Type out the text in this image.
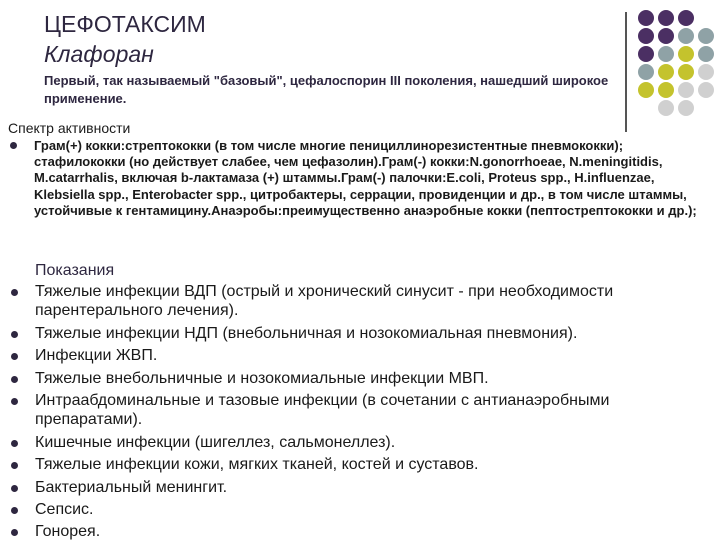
ЦЕФОТАКСИМ
Клафоран
Первый, так называемый "базовый", цефалоспорин III поколения, нашедший широкое применение.
Спектр активности
Грам(+) кокки:стрептококки (в том числе многие пенициллинорезистентные пневмококки); стафилококки (но действует слабее, чем цефазолин).Грам(-) кокки:N.gonorrhoeae, N.meningitidis, M.catarrhalis, включая b-лактамаза (+) штаммы.Грам(-) палочки:E.coli, Proteus spp., H.influenzae, Klebsiella spp., Enterobacter spp., цитробактеры, серрации, провиденции и др., в том числе штаммы, устойчивые к гентамицину.Анаэробы:преимущественно анаэробные кокки (пептострептококки и др.);
Показания
Тяжелые инфекции ВДП (острый и хронический синусит - при необходимости парентерального лечения).
Тяжелые инфекции НДП (внебольничная и нозокомиальная пневмония).
Инфекции ЖВП.
Тяжелые внебольничные и нозокомиальные инфекции МВП.
Интраабдоминальные и тазовые инфекции (в сочетании с антианаэробными препаратами).
Кишечные инфекции (шигеллез, сальмонеллез).
Тяжелые инфекции кожи, мягких тканей, костей и суставов.
Бактериальный менингит.
Сепсис.
Гонорея.
